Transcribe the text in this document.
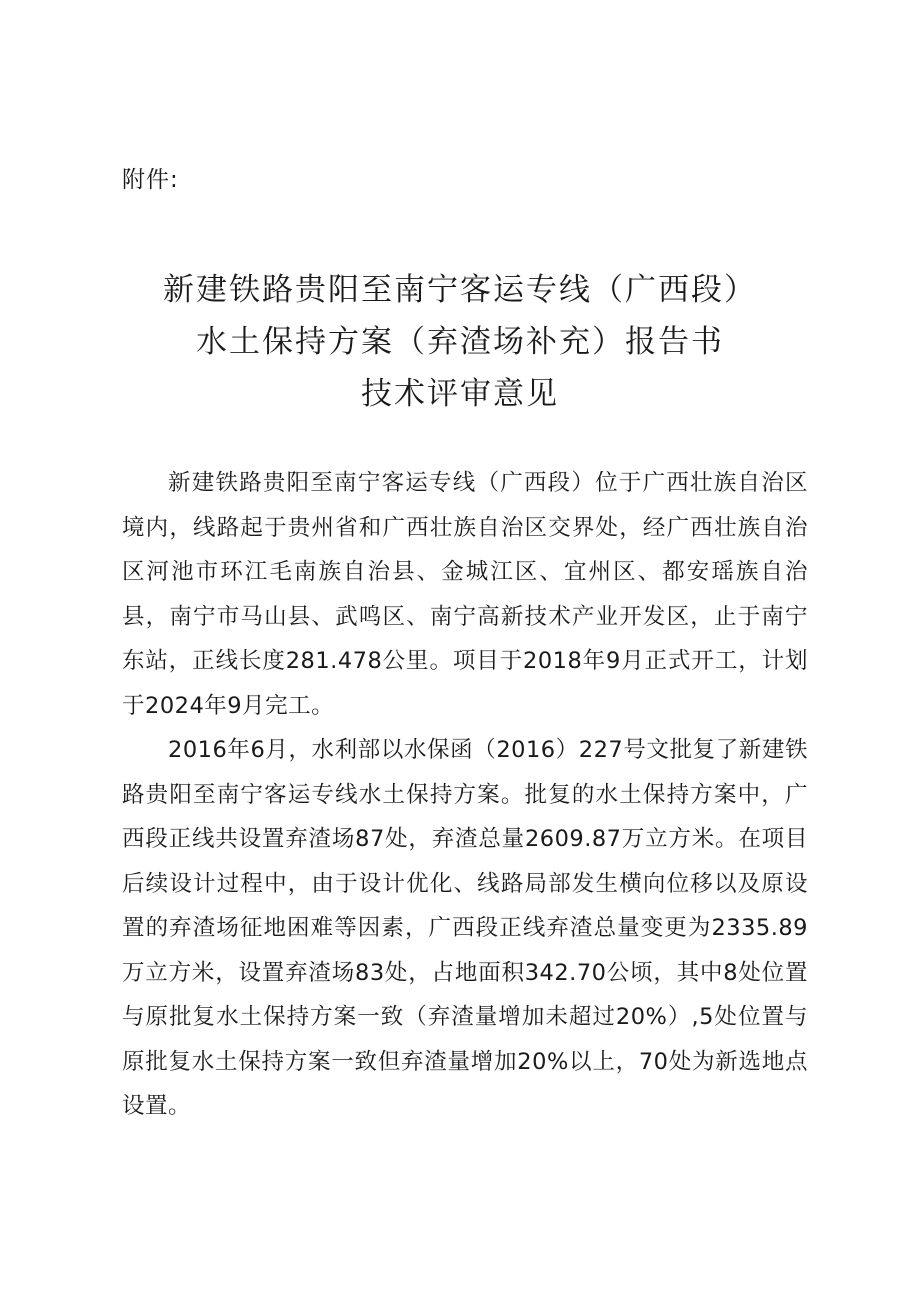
附件:
新建铁路贵阳至南宁客运专线（广西段）
水土保持方案（弃渣场补充）报告书
技术评审意见

新建铁路贵阳至南宁客运专线（广西段）位于广西壮族自治区境内，线路起于贵州省和广西壮族自治区交界处，经广西壮族自治区河池市环江毛南族自治县、金城江区、宜州区、都安瑶族自治县，南宁市马山县、武鸣区、南宁高新技术产业开发区，止于南宁东站，正线长度281.478公里。项目于2018年9月正式开工，计划于2024年9月完工。

2016年6月，水利部以水保函（2016）227号文批复了新建铁路贵阳至南宁客运专线水土保持方案。批复的水土保持方案中，广西段正线共设置弃渣场87处，弃渣总量2609.87万立方米。在项目后续设计过程中，由于设计优化、线路局部发生横向位移以及原设置的弃渣场征地困难等因素，广西段正线弃渣总量变更为2335.89万立方米，设置弃渣场83处，占地面积342.70公顷，其中8处位置与原批复水土保持方案一致（弃渣量增加未超过20%）,5处位置与原批复水土保持方案一致但弃渣量增加20%以上，70处为新选地点设置。
